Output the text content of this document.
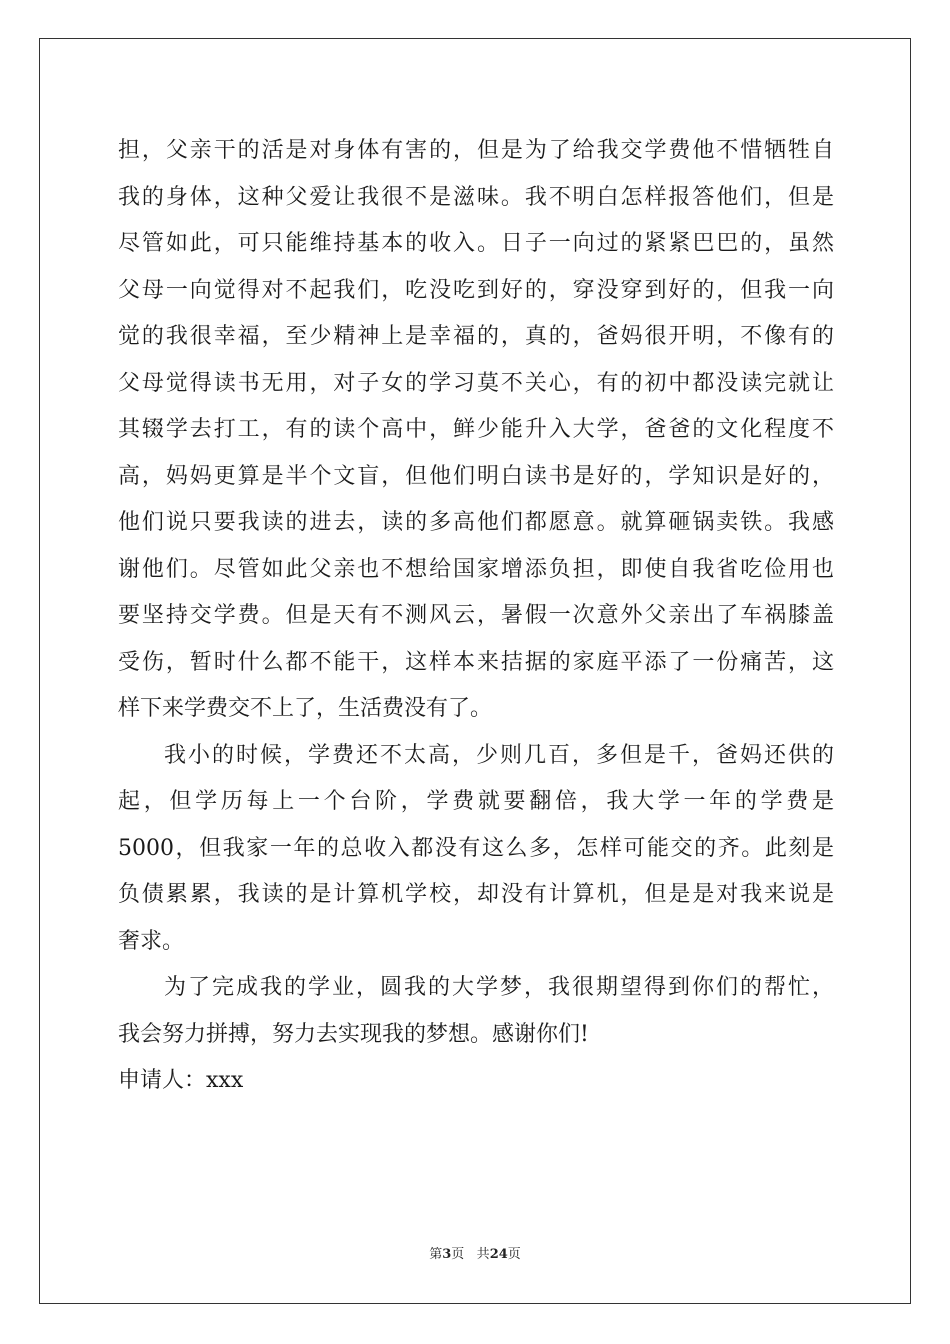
担，父亲干的活是对身体有害的，但是为了给我交学费他不惜牺牲自
我的身体，这种父爱让我很不是滋味。我不明白怎样报答他们，但是
尽管如此，可只能维持基本的收入。日子一向过的紧紧巴巴的，虽然
父母一向觉得对不起我们，吃没吃到好的，穿没穿到好的，但我一向
觉的我很幸福，至少精神上是幸福的，真的，爸妈很开明，不像有的
父母觉得读书无用，对子女的学习莫不关心，有的初中都没读完就让
其辍学去打工，有的读个高中，鲜少能升入大学，爸爸的文化程度不
高，妈妈更算是半个文盲，但他们明白读书是好的，学知识是好的，
他们说只要我读的进去，读的多高他们都愿意。就算砸锅卖铁。我感
谢他们。尽管如此父亲也不想给国家增添负担，即使自我省吃俭用也
要坚持交学费。但是天有不测风云，暑假一次意外父亲出了车祸膝盖
受伤，暂时什么都不能干，这样本来拮据的家庭平添了一份痛苦，这
样下来学费交不上了，生活费没有了。
我小的时候，学费还不太高，少则几百，多但是千，爸妈还供的
起，但学历每上一个台阶，学费就要翻倍，我大学一年的学费是
5000，但我家一年的总收入都没有这么多，怎样可能交的齐。此刻是
负债累累，我读的是计算机学校，却没有计算机，但是是对我来说是
奢求。
为了完成我的学业，圆我的大学梦，我很期望得到你们的帮忙，
我会努力拼搏，努力去实现我的梦想。感谢你们!
申请人：xxx
第3页 共24页
